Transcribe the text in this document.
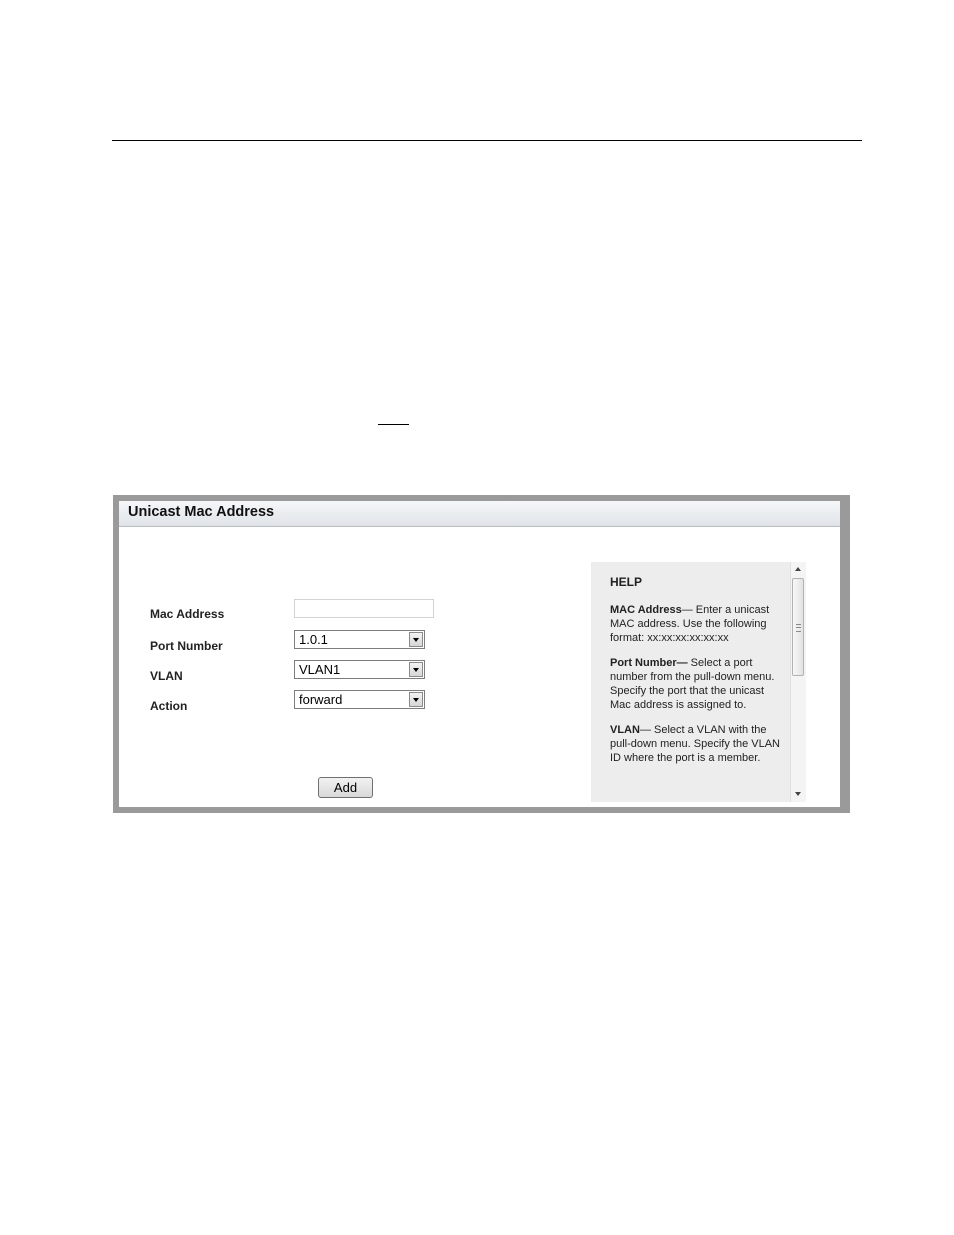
Unicast Mac Address
Mac Address
Port Number	1.0.1
VLAN	VLAN1
Action	forward
Add

HELP

MAC Address— Enter a unicast MAC address. Use the following format: xx:xx:xx:xx:xx:xx

Port Number— Select a port number from the pull-down menu.

Specify the port that the unicast Mac address is assigned to.

VLAN— Select a VLAN with the pull-down menu. Specify the VLAN ID where the port is a member.
